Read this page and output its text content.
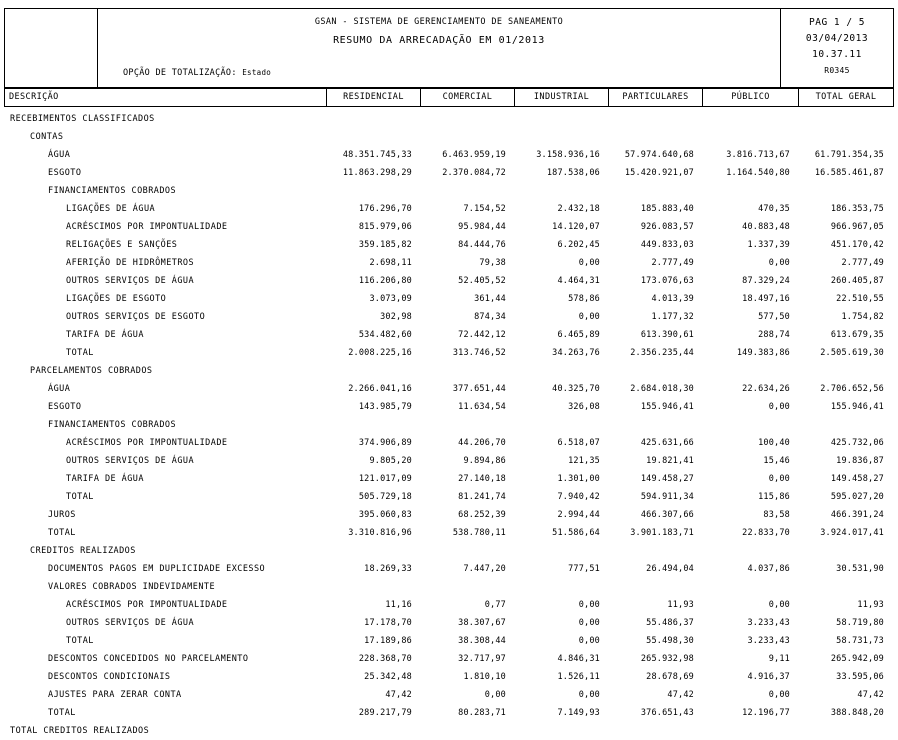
GSAN - SISTEMA DE GERENCIAMENTO DE SANEAMENTO
RESUMO DA ARRECADAÇÃO EM 01/2013
OPÇÃO DE TOTALIZAÇÃO: Estado
PAG 1 / 5
03/04/2013
10.37.11
R0345
DESCRIÇÃO	RESIDENCIAL	COMERCIAL	INDUSTRIAL	PARTICULARES	PÚBLICO	TOTAL GERAL
RECEBIMENTOS CLASSIFICADOS
CONTAS
ÁGUA	48.351.745,33	6.463.959,19	3.158.936,16	57.974.640,68	3.816.713,67	61.791.354,35
ESGOTO	11.863.298,29	2.370.084,72	187.538,06	15.420.921,07	1.164.540,80	16.585.461,87
FINANCIAMENTOS COBRADOS
LIGAÇÕES DE ÁGUA	176.296,70	7.154,52	2.432,18	185.883,40	470,35	186.353,75
ACRÉSCIMOS POR IMPONTUALIDADE	815.979,06	95.984,44	14.120,07	926.083,57	40.883,48	966.967,05
RELIGAÇÕES E SANÇÕES	359.185,82	84.444,76	6.202,45	449.833,03	1.337,39	451.170,42
AFERIÇÃO DE HIDRÔMETROS	2.698,11	79,38	0,00	2.777,49	0,00	2.777,49
OUTROS SERVIÇOS DE ÁGUA	116.206,80	52.405,52	4.464,31	173.076,63	87.329,24	260.405,87
LIGAÇÕES DE ESGOTO	3.073,09	361,44	578,86	4.013,39	18.497,16	22.510,55
OUTROS SERVIÇOS DE ESGOTO	302,98	874,34	0,00	1.177,32	577,50	1.754,82
TARIFA DE ÁGUA	534.482,60	72.442,12	6.465,89	613.390,61	288,74	613.679,35
TOTAL	2.008.225,16	313.746,52	34.263,76	2.356.235,44	149.383,86	2.505.619,30
PARCELAMENTOS COBRADOS
ÁGUA	2.266.041,16	377.651,44	40.325,70	2.684.018,30	22.634,26	2.706.652,56
ESGOTO	143.985,79	11.634,54	326,08	155.946,41	0,00	155.946,41
FINANCIAMENTOS COBRADOS
ACRÉSCIMOS POR IMPONTUALIDADE	374.906,89	44.206,70	6.518,07	425.631,66	100,40	425.732,06
OUTROS SERVIÇOS DE ÁGUA	9.805,20	9.894,86	121,35	19.821,41	15,46	19.836,87
TARIFA DE ÁGUA	121.017,09	27.140,18	1.301,00	149.458,27	0,00	149.458,27
TOTAL	505.729,18	81.241,74	7.940,42	594.911,34	115,86	595.027,20
JUROS	395.060,83	68.252,39	2.994,44	466.307,66	83,58	466.391,24
TOTAL	3.310.816,96	538.780,11	51.586,64	3.901.183,71	22.833,70	3.924.017,41
CREDITOS REALIZADOS
DOCUMENTOS PAGOS EM DUPLICIDADE EXCESSO	18.269,33	7.447,20	777,51	26.494,04	4.037,86	30.531,90
VALORES COBRADOS INDEVIDAMENTE
ACRÉSCIMOS POR IMPONTUALIDADE	11,16	0,77	0,00	11,93	0,00	11,93
OUTROS SERVIÇOS DE ÁGUA	17.178,70	38.307,67	0,00	55.486,37	3.233,43	58.719,80
TOTAL	17.189,86	38.308,44	0,00	55.498,30	3.233,43	58.731,73
DESCONTOS CONCEDIDOS NO PARCELAMENTO	228.368,70	32.717,97	4.846,31	265.932,98	9,11	265.942,09
DESCONTOS CONDICIONAIS	25.342,48	1.810,10	1.526,11	28.678,69	4.916,37	33.595,06
AJUSTES PARA ZERAR CONTA	47,42	0,00	0,00	47,42	0,00	47,42
TOTAL	289.217,79	80.283,71	7.149,93	376.651,43	12.196,77	388.848,20
TOTAL CREDITOS REALIZADOS
